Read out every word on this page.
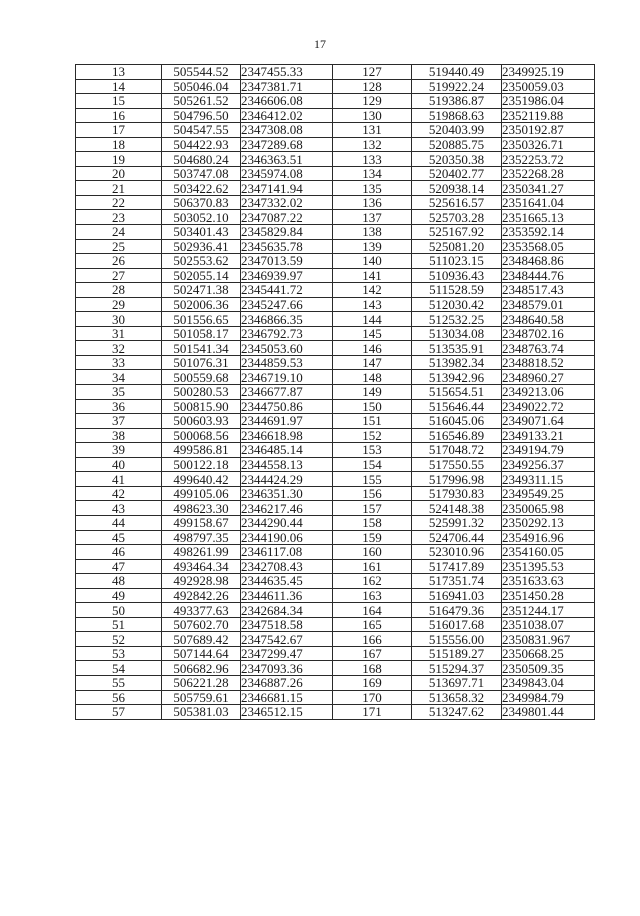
17
13	505544.52	2347455.33	127	519440.49	2349925.19
14	505046.04	2347381.71	128	519922.24	2350059.03
15	505261.52	2346606.08	129	519386.87	2351986.04
16	504796.50	2346412.02	130	519868.63	2352119.88
17	504547.55	2347308.08	131	520403.99	2350192.87
18	504422.93	2347289.68	132	520885.75	2350326.71
19	504680.24	2346363.51	133	520350.38	2352253.72
20	503747.08	2345974.08	134	520402.77	2352268.28
21	503422.62	2347141.94	135	520938.14	2350341.27
22	506370.83	2347332.02	136	525616.57	2351641.04
23	503052.10	2347087.22	137	525703.28	2351665.13
24	503401.43	2345829.84	138	525167.92	2353592.14
25	502936.41	2345635.78	139	525081.20	2353568.05
26	502553.62	2347013.59	140	511023.15	2348468.86
27	502055.14	2346939.97	141	510936.43	2348444.76
28	502471.38	2345441.72	142	511528.59	2348517.43
29	502006.36	2345247.66	143	512030.42	2348579.01
30	501556.65	2346866.35	144	512532.25	2348640.58
31	501058.17	2346792.73	145	513034.08	2348702.16
32	501541.34	2345053.60	146	513535.91	2348763.74
33	501076.31	2344859.53	147	513982.34	2348818.52
34	500559.68	2346719.10	148	513942.96	2348960.27
35	500280.53	2346677.87	149	515654.51	2349213.06
36	500815.90	2344750.86	150	515646.44	2349022.72
37	500603.93	2344691.97	151	516045.06	2349071.64
38	500068.56	2346618.98	152	516546.89	2349133.21
39	499586.81	2346485.14	153	517048.72	2349194.79
40	500122.18	2344558.13	154	517550.55	2349256.37
41	499640.42	2344424.29	155	517996.98	2349311.15
42	499105.06	2346351.30	156	517930.83	2349549.25
43	498623.30	2346217.46	157	524148.38	2350065.98
44	499158.67	2344290.44	158	525991.32	2350292.13
45	498797.35	2344190.06	159	524706.44	2354916.96
46	498261.99	2346117.08	160	523010.96	2354160.05
47	493464.34	2342708.43	161	517417.89	2351395.53
48	492928.98	2344635.45	162	517351.74	2351633.63
49	492842.26	2344611.36	163	516941.03	2351450.28
50	493377.63	2342684.34	164	516479.36	2351244.17
51	507602.70	2347518.58	165	516017.68	2351038.07
52	507689.42	2347542.67	166	515556.00	2350831.967
53	507144.64	2347299.47	167	515189.27	2350668.25
54	506682.96	2347093.36	168	515294.37	2350509.35
55	506221.28	2346887.26	169	513697.71	2349843.04
56	505759.61	2346681.15	170	513658.32	2349984.79
57	505381.03	2346512.15	171	513247.62	2349801.44
